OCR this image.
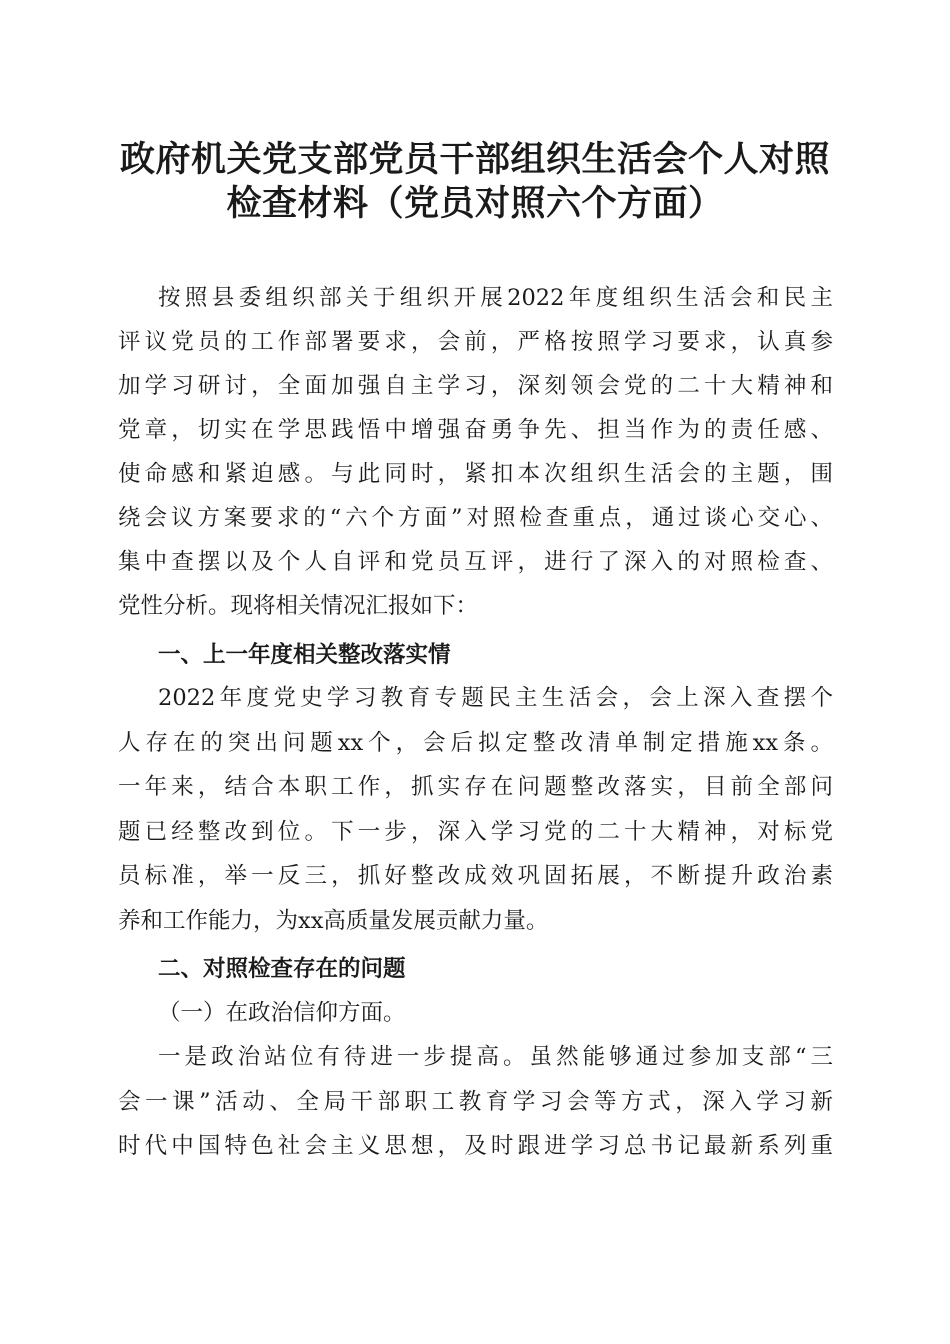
政府机关党支部党员干部组织生活会个人对照
检查材料（党员对照六个方面）

按照县委组织部关于组织开展2022年度组织生活会和民主

评议党员的工作部署要求，会前，严格按照学习要求，认真参

加学习研讨，全面加强自主学习，深刻领会党的二十大精神和

党章，切实在学思践悟中增强奋勇争先、担当作为的责任感、

使命感和紧迫感。与此同时，紧扣本次组织生活会的主题，围

绕会议方案要求的“六个方面”对照检查重点，通过谈心交心、

集中查摆以及个人自评和党员互评，进行了深入的对照检查、

党性分析。现将相关情况汇报如下：

一、上一年度相关整改落实情

2022年度党史学习教育专题民主生活会，会上深入查摆个

人存在的突出问题xx个，会后拟定整改清单制定措施xx条。

一年来，结合本职工作，抓实存在问题整改落实，目前全部问

题已经整改到位。下一步，深入学习党的二十大精神，对标党

员标准，举一反三，抓好整改成效巩固拓展，不断提升政治素

养和工作能力，为xx高质量发展贡献力量。

二、对照检查存在的问题

（一）在政治信仰方面。

一是政治站位有待进一步提高。虽然能够通过参加支部“三

会一课”活动、全局干部职工教育学习会等方式，深入学习新

时代中国特色社会主义思想，及时跟进学习总书记最新系列重
